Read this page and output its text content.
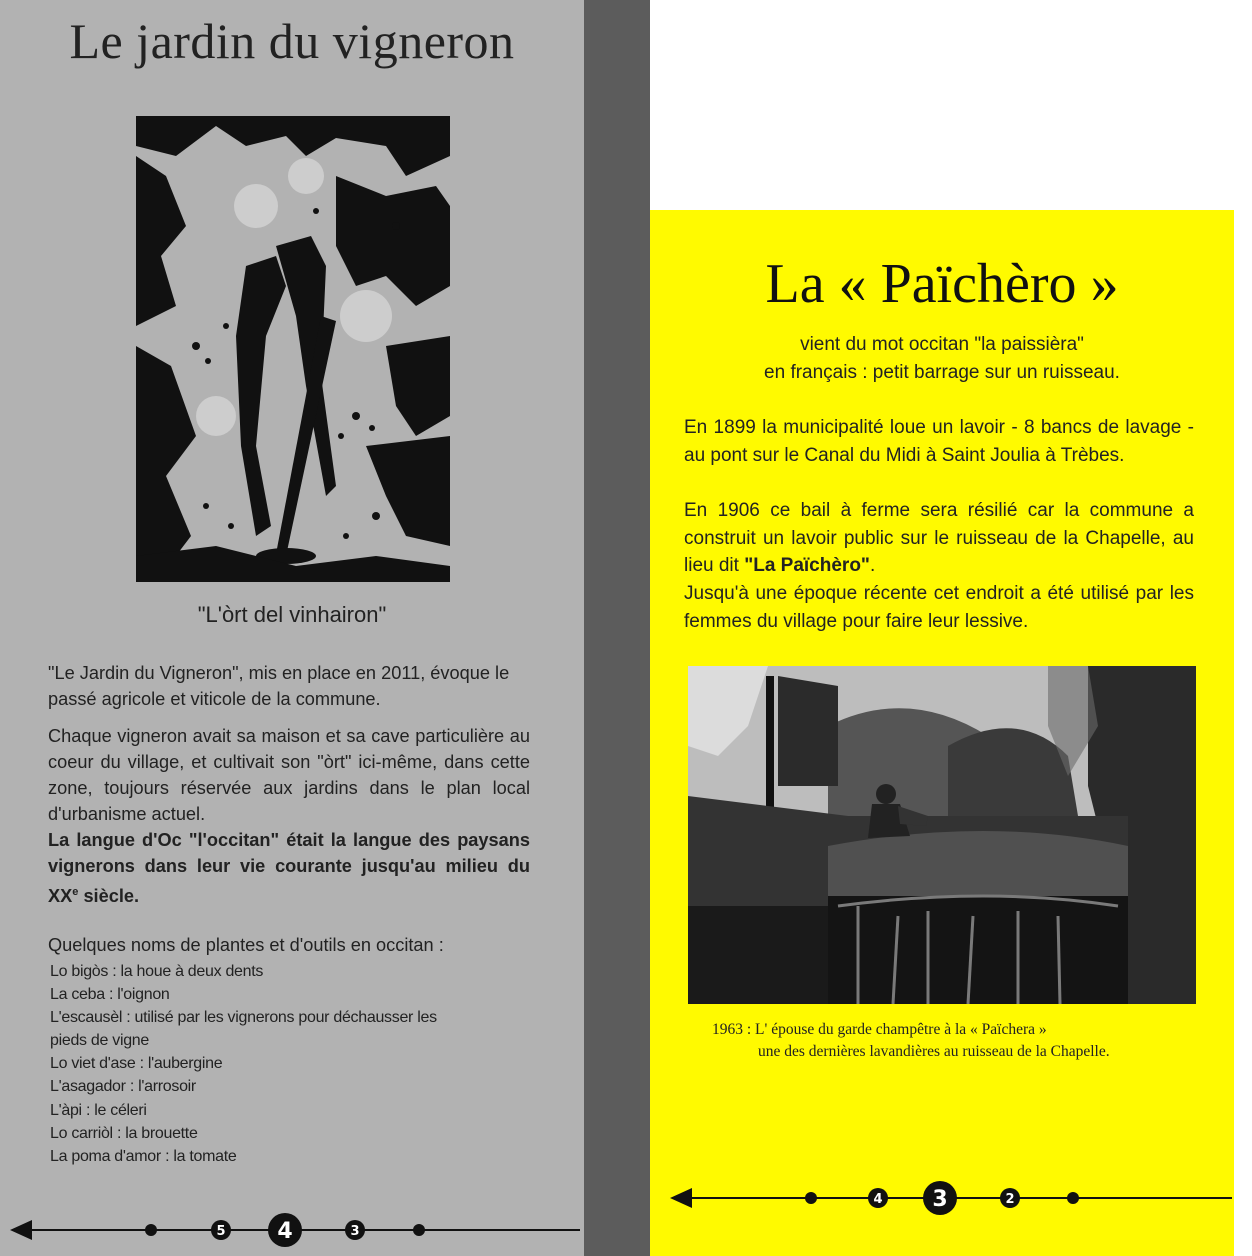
Le jardin du vigneron
"L'òrt del vinhairon"

"Le Jardin du Vigneron", mis en place en 2011, évoque le passé agricole et viticole de la commune.

Chaque vigneron avait sa maison et sa cave particulière au coeur du village, et cultivait son "òrt" ici-même, dans cette zone, toujours réservée aux jardins dans le plan local d'urbanisme actuel.
La langue d'Oc "l'occitan" était la langue des paysans vignerons dans leur vie courante jusqu'au milieu du XXe siècle.

Quelques noms de plantes et d'outils en occitan :

Lo bigòs : la houe à deux dents
La ceba : l'oignon
L'escausèl : utilisé par les vignerons pour déchausser les
pieds de vigne
Lo viet d'ase : l'aubergine
L'asagador : l'arrosoir
L'àpi : le céleri
Lo carriòl : la brouette
La poma d'amor : la tomate
5 4	3
La « Païchèro »
vient du mot occitan "la paissièra"
en français : petit barrage sur un ruisseau.

En 1899 la municipalité loue un lavoir - 8 bancs de lavage - au pont sur le Canal du Midi à Saint Joulia à Trèbes.

En 1906 ce bail à ferme sera résilié car la commune a construit un lavoir public sur le ruisseau de la Chapelle, au lieu dit "La Païchèro".

Jusqu'à une époque récente cet endroit a été utilisé par les femmes du village pour faire leur lessive.

1963 : L' épouse du garde champêtre à la « Païchera »
une des dernières lavandières au ruisseau de la Chapelle.
4 3	2
